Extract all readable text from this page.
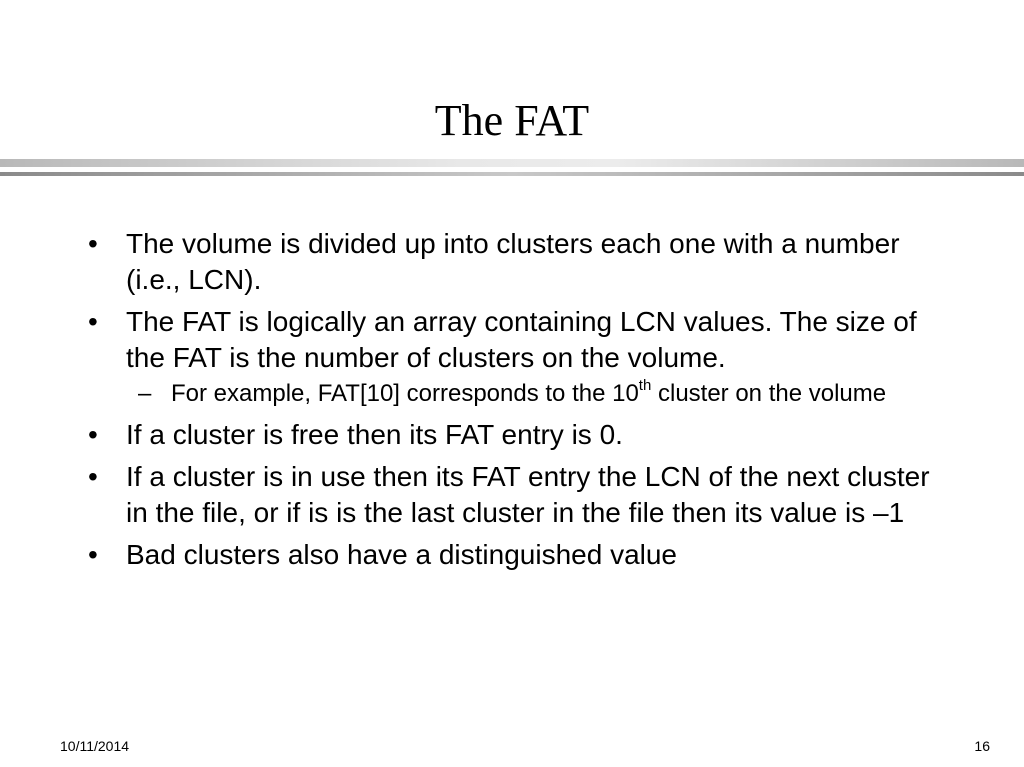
The FAT
•	The volume is divided up into clusters each one with a number (i.e., LCN).
•	The FAT is logically an array containing LCN values. The size of the FAT is the number of clusters on the volume.
– For example, FAT[10] corresponds to the 10th cluster on the volume
•	If a cluster is free then its FAT entry is 0.
•	If a cluster is in use then its FAT entry the LCN of the next cluster in the file, or if is is the last cluster in the file then its value is –1
•	Bad clusters also have a distinguished value
10/11/2014	16
